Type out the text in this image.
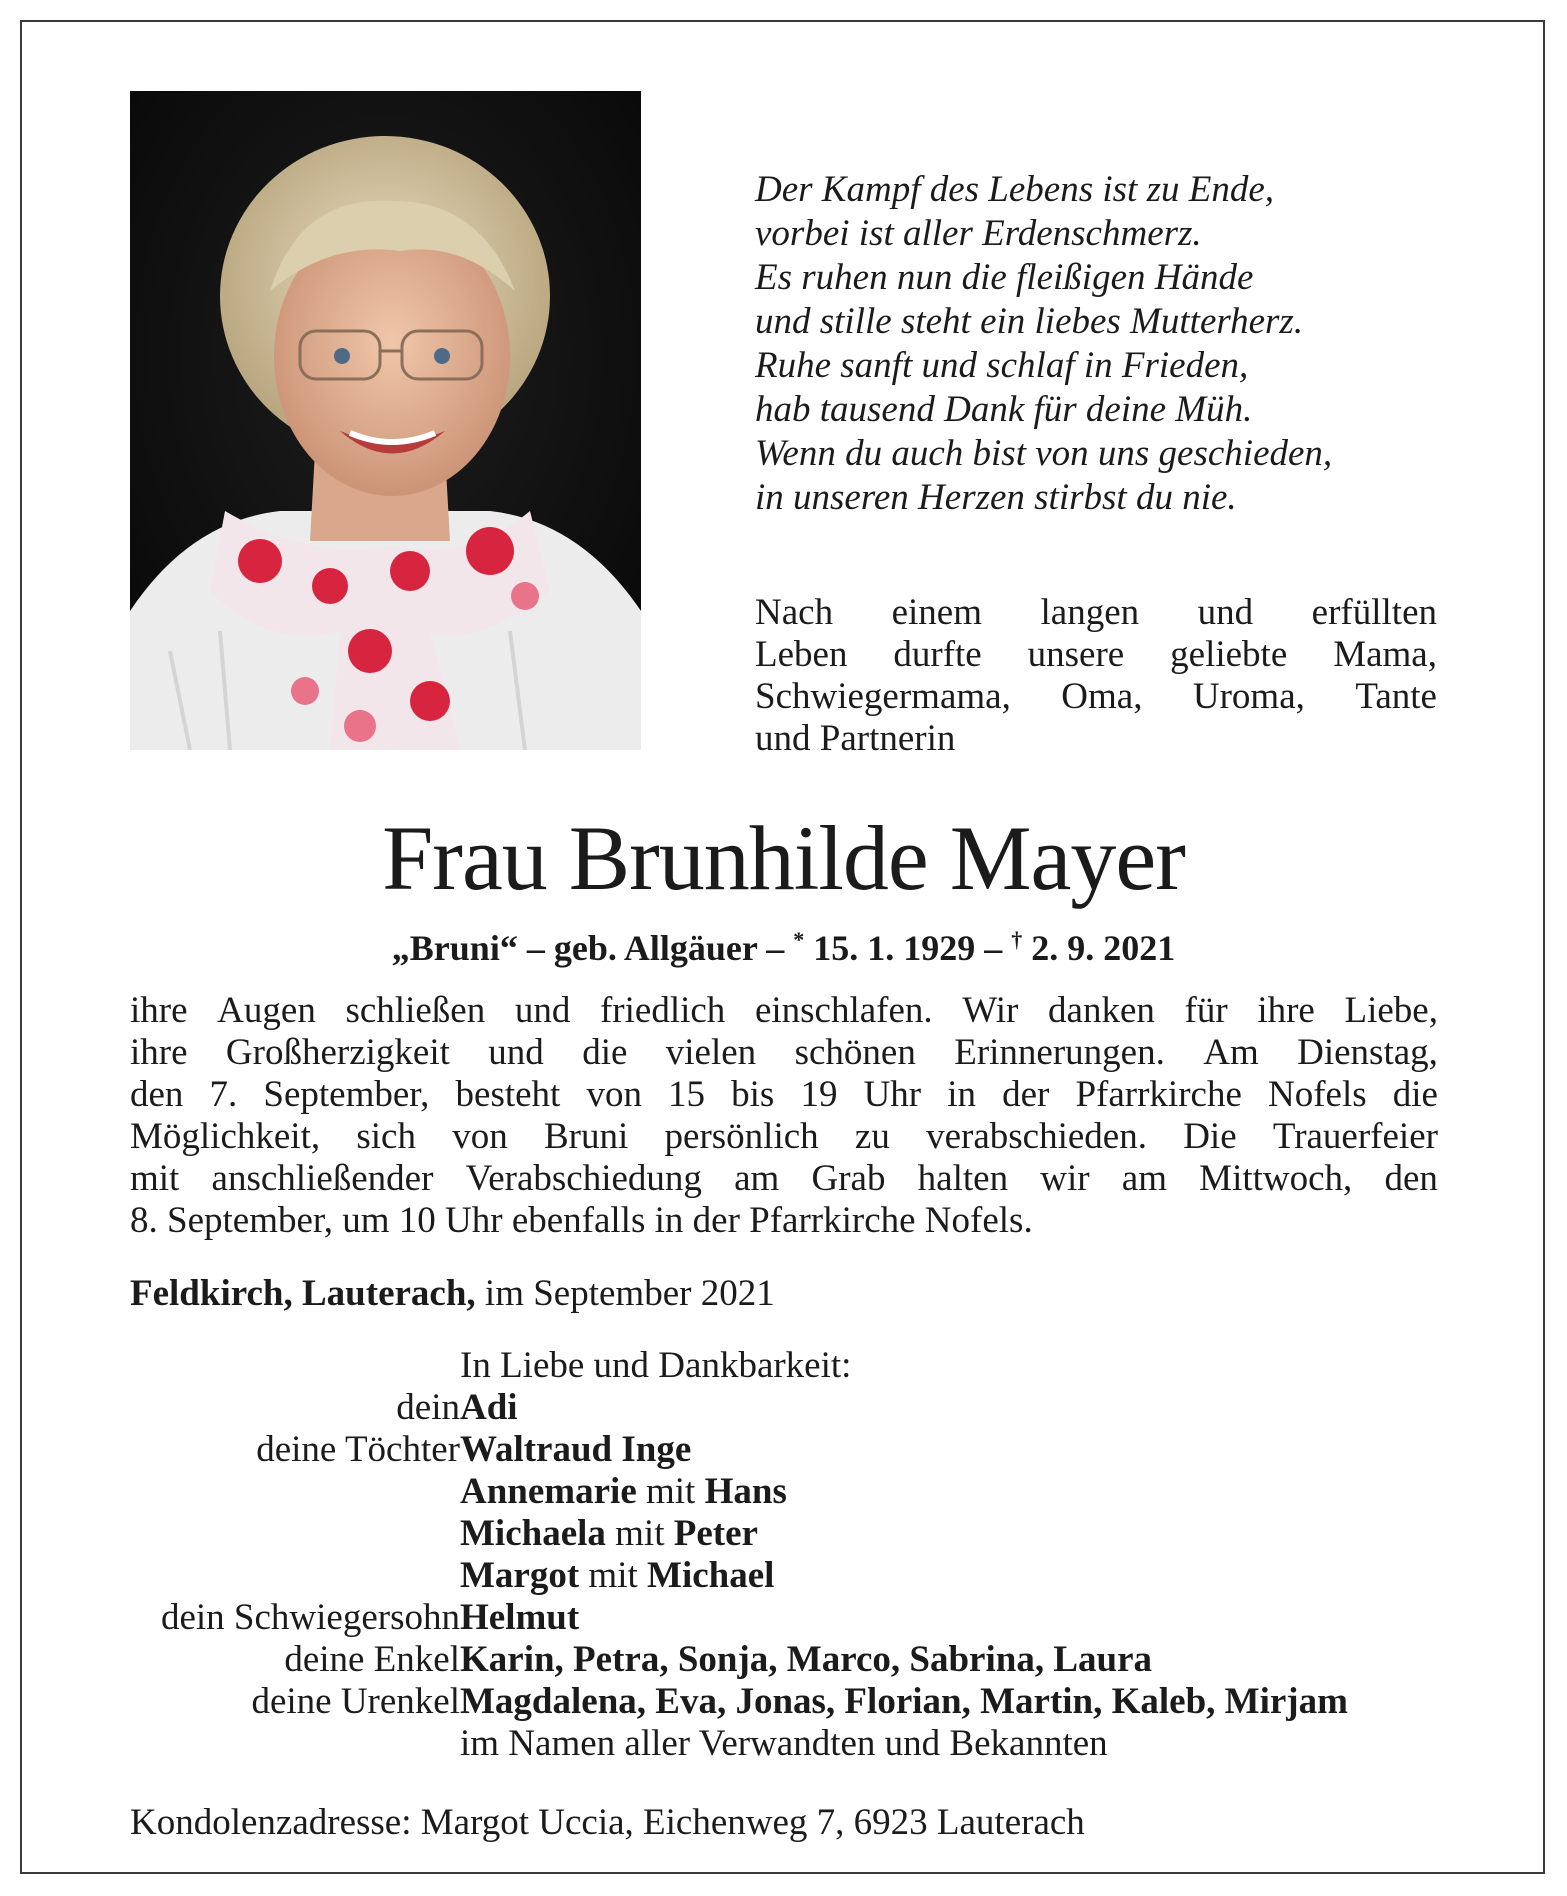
Der Kampf des Lebens ist zu Ende,
vorbei ist aller Erdenschmerz.
Es ruhen nun die fleißigen Hände
und stille steht ein liebes Mutterherz.
Ruhe sanft und schlaf in Frieden,
hab tausend Dank für deine Müh.
Wenn du auch bist von uns geschieden,
in unseren Herzen stirbst du nie.
Nach einem langen und erfüllten
Leben durfte unsere geliebte Mama,
Schwiegermama, Oma, Uroma, Tante
und Partnerin
Frau Brunhilde Mayer
„Bruni“ – geb. Allgäuer – * 15. 1. 1929 – † 2. 9. 2021
ihre Augen schließen und friedlich einschlafen. Wir danken für ihre Liebe,
ihre Großherzigkeit und die vielen schönen Erinnerungen. Am Dienstag,
den 7. September, besteht von 15 bis 19 Uhr in der Pfarrkirche Nofels die
Möglichkeit, sich von Bruni persönlich zu verabschieden. Die Trauerfeier
mit anschließender Verabschiedung am Grab halten wir am Mittwoch, den
8. September, um 10 Uhr ebenfalls in der Pfarrkirche Nofels.
Feldkirch, Lauterach, im September 2021
In Liebe und Dankbarkeit:
dein Adi
deine Töchter Waltraud Inge
Annemarie mit Hans
Michaela mit Peter
Margot mit Michael
dein Schwiegersohn Helmut
deine Enkel Karin, Petra, Sonja, Marco, Sabrina, Laura
deine Urenkel Magdalena, Eva, Jonas, Florian, Martin, Kaleb, Mirjam
im Namen aller Verwandten und Bekannten
Kondolenzadresse: Margot Uccia, Eichenweg 7, 6923 Lauterach
